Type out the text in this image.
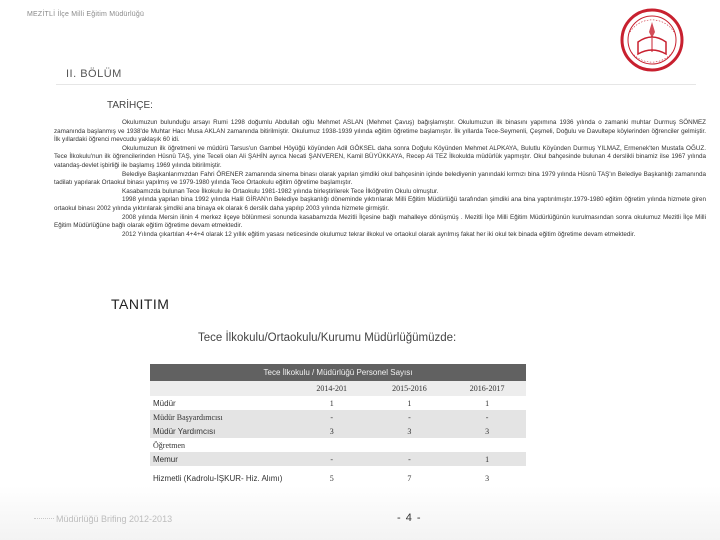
MEZİTLİ İlçe Milli Eğitim Müdürlüğü
II. BÖLÜM
TARİHÇE:

Okulumuzun bulunduğu arsayı Rumi 1298 doğumlu Abdullah oğlu Mehmet ASLAN (Mehmet Çavuş) bağışlamıştır. Okulumuzun ilk binasını yapımına 1936 yılında o zamanki muhtar Durmuş SÖNMEZ zamanında başlanmış ve 1938'de Muhtar Hacı Musa AKLAN zamanında bitirilmiştir. Okulumuz 1938-1939 yılında eğitim öğretime başlamıştır. İlk yıllarda Tece-Seymenli, Çeşmeli, Doğulu ve Davultepe köylerinden öğrenciler gelmiştir. İlk yıllardaki öğrenci mevcudu yaklaşık 60 idi.

Okulumuzun ilk öğretmeni ve müdürü Tarsus'un Gambel Höyüğü köyünden Adil GÖKSEL daha sonra Doğulu Köyünden Mehmet ALPKAYA, Bulutlu Köyünden Durmuş YILMAZ, Ermenek'ten Mustafa OĞUZ. Tece İlkokulu'nun ilk öğrencilerinden Hüsnü TAŞ, yine Teceli olan Ali ŞAHİN ayrıca Necati ŞANVEREN, Kamil BÜYÜKKAYA, Recep Ali TEZ İlkokulda müdürlük yapmıştır. Okul bahçesinde bulunan 4 derslikli binamiz ilse 1967 yılında vatandaş-devlet işbirliği ile başlamış 1969 yılında bitirilmiştir.

Belediye Başkanlarımızdan Fahri ÖRENER zamanında sinema binası olarak yapılan şimdiki okul bahçesinin içinde belediyenin yanındaki kırmızı bina 1979 yılında Hüsnü TAŞ'ın Belediye Başkanlığı zamanında tadilatı yapılarak Ortaokul binası yapılmış ve 1979-1980 yılında Tece Ortaokulu eğitim öğretime başlamıştır.

Kasabamızda bulunan Tece İlkokulu ile Ortaokulu 1981-1982 yılında birleştirilerek Tece İlköğretim Okulu olmuştur.

1998 yılında yapılan bina 1992 yılında Halil GİRAN'ın Belediye başkanlığı döneminde yıktırılarak Milli Eğitim Müdürlüğü tarafından şimdiki ana bina yaptırılmıştır.1979-1980 eğitim öğretim yılında hizmete giren ortaokul binası 2002 yılında yıktırılarak şimdiki ana binaya ek olarak 6 derslik daha yapılıp 2003 yılında hizmete girmiştir.

2008 yılında Mersin ilinin 4 merkez ilçeye bölünmesi sonunda kasabamızda Mezitli İlçesine bağlı mahalleye dönüşmüş . Mezitli İlçe Milli Eğitim Müdürlüğünün kurulmasından sonra okulumuz Mezitli İlçe Milli Eğitim Müdürlüğüne bağlı olarak eğitim öğretime devam etmektedir.

2012 Yılında çıkartılan 4+4+4 olarak 12 yıllık eğitim yasası neticesinde okulumuz tekrar ilkokul ve ortaokul olarak ayrılmış fakat her iki okul tek binada eğitim öğretime devam etmektedir.

TANITIM
Tece İlkokulu/Ortaokulu/Kurumu Müdürlüğümüzde:
Tece İlkokulu / Müdürlüğü Personel Sayısı
	2014-201	2015-2016	2016-2017
Müdür	1	1	1
Müdür Başyardımcısı	-	-	-
Müdür Yardımcısı	3	3	3
Öğretmen			
Memur	-	-	1
Hizmetli (Kadrolu-İŞKUR- Hiz. Alımı)	5	7	3
Müdürlüğü Brifing 2012-2013	- 4 -
